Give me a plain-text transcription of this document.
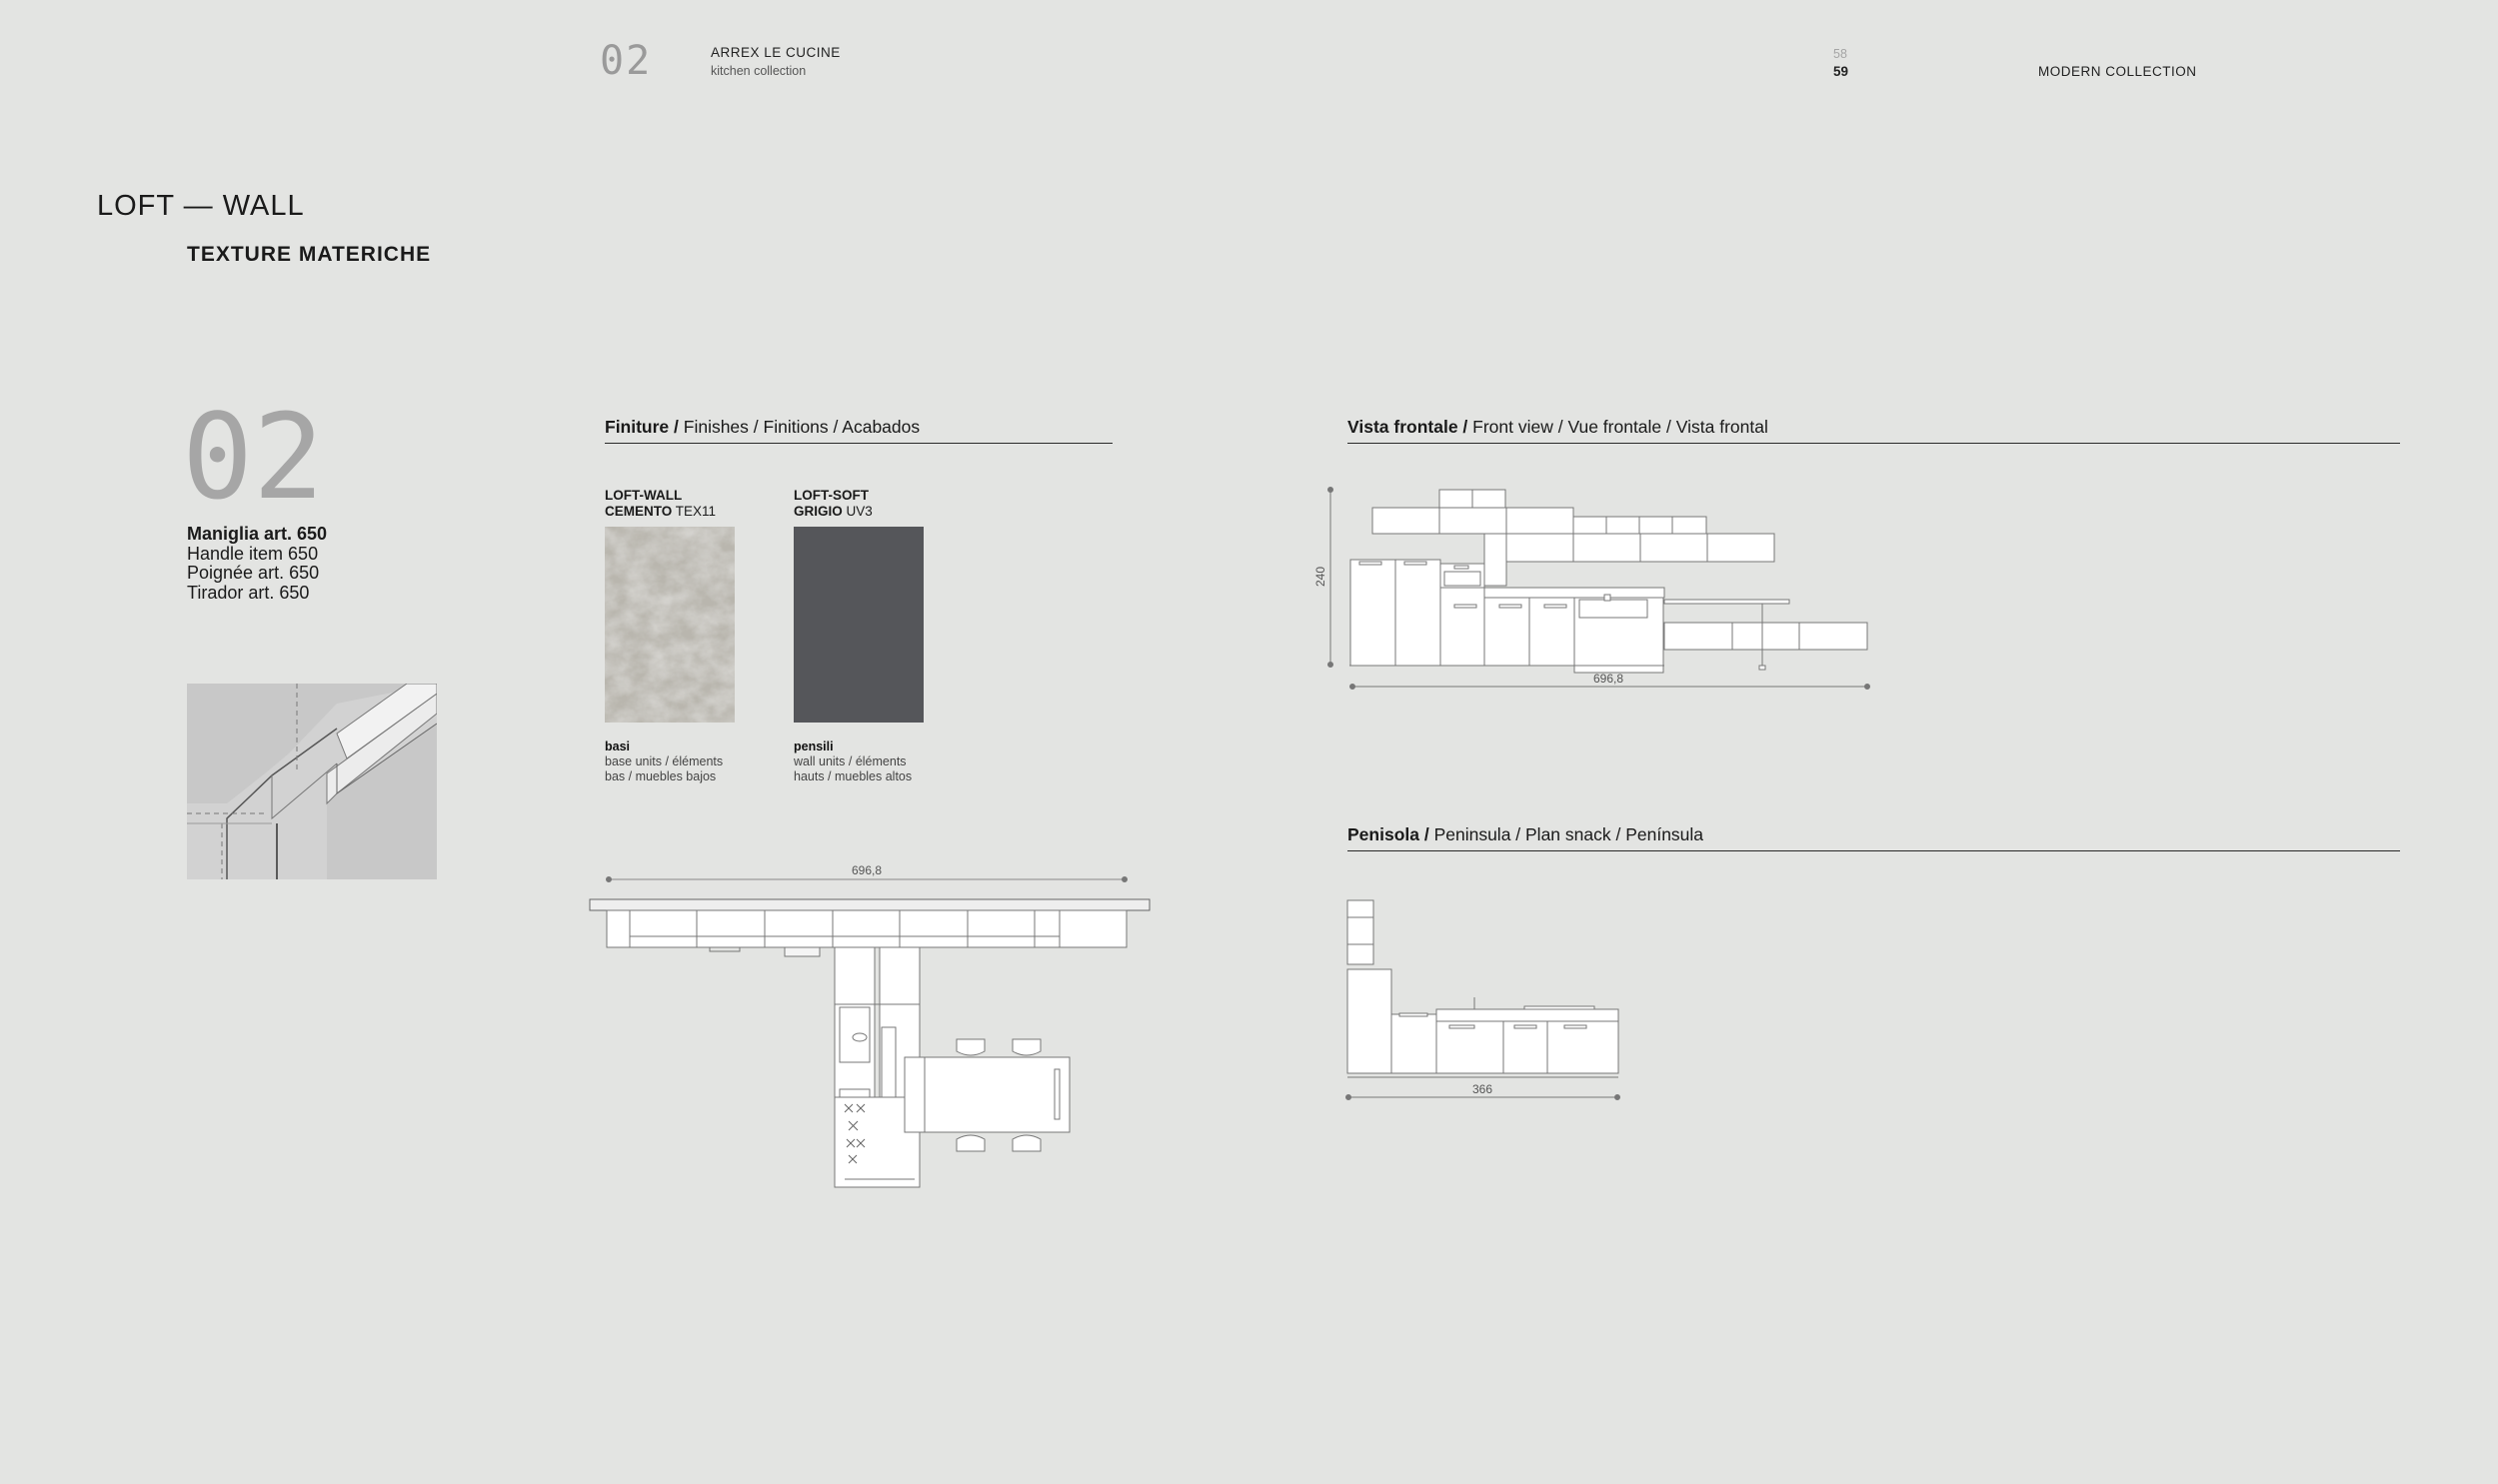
02	ARREX LE CUCINE
kitchen collection
58
59	MODERN COLLECTION
LOFT — WALL
TEXTURE MATERICHE
02
Maniglia art. 650
Handle item 650
Poignée art. 650
Tirador art. 650
Finiture / Finishes / Finitions / Acabados
LOFT-WALL
CEMENTO TEX11
LOFT-SOFT
GRIGIO UV3
basi
base units / éléments
bas / muebles bajos
pensili
wall units / éléments
hauts / muebles altos
696,8
Vista frontale / Front view / Vue frontale / Vista frontal
240
696,8
Penisola / Peninsula / Plan snack / Península
366
